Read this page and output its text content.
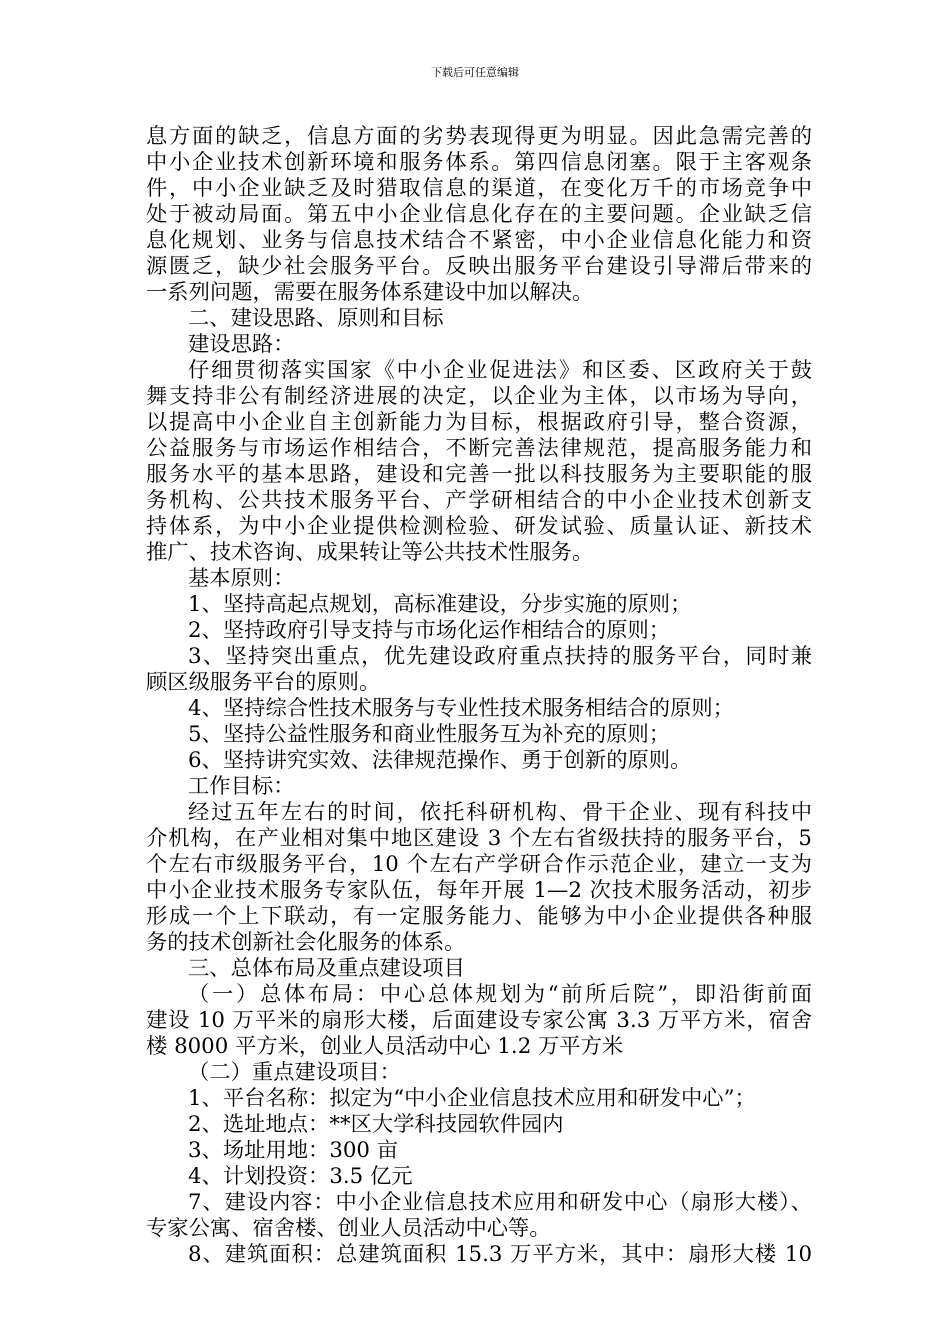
下载后可任意编辑
息方面的缺乏，信息方面的劣势表现得更为明显。因此急需完善的
中小企业技术创新环境和服务体系。第四信息闭塞。限于主客观条
件，中小企业缺乏及时猎取信息的渠道，在变化万千的市场竞争中
处于被动局面。第五中小企业信息化存在的主要问题。企业缺乏信
息化规划、业务与信息技术结合不紧密，中小企业信息化能力和资
源匮乏，缺少社会服务平台。反映出服务平台建设引导滞后带来的
一系列问题，需要在服务体系建设中加以解决。
二、建设思路、原则和目标
建设思路：
仔细贯彻落实国家《中小企业促进法》和区委、区政府关于鼓
舞支持非公有制经济进展的决定，以企业为主体，以市场为导向，
以提高中小企业自主创新能力为目标，根据政府引导，整合资源，
公益服务与市场运作相结合，不断完善法律规范，提高服务能力和
服务水平的基本思路，建设和完善一批以科技服务为主要职能的服
务机构、公共技术服务平台、产学研相结合的中小企业技术创新支
持体系，为中小企业提供检测检验、研发试验、质量认证、新技术
推广、技术咨询、成果转让等公共技术性服务。
基本原则：
1、坚持高起点规划，高标准建设，分步实施的原则；
2、坚持政府引导支持与市场化运作相结合的原则；
3、坚持突出重点，优先建设政府重点扶持的服务平台，同时兼
顾区级服务平台的原则。
4、坚持综合性技术服务与专业性技术服务相结合的原则；
5、坚持公益性服务和商业性服务互为补充的原则；
6、坚持讲究实效、法律规范操作、勇于创新的原则。
工作目标：
经过五年左右的时间，依托科研机构、骨干企业、现有科技中
介机构，在产业相对集中地区建设 3 个左右省级扶持的服务平台，5
个左右市级服务平台，10 个左右产学研合作示范企业，建立一支为
中小企业技术服务专家队伍，每年开展 1—2 次技术服务活动，初步
形成一个上下联动，有一定服务能力、能够为中小企业提供各种服
务的技术创新社会化服务的体系。
三、总体布局及重点建设项目
（一）总体布局：中心总体规划为“前所后院”，即沿街前面
建设 10 万平米的扇形大楼，后面建设专家公寓 3.3 万平方米，宿舍
楼 8000 平方米，创业人员活动中心 1.2 万平方米
（二）重点建设项目：
1、平台名称：拟定为“中小企业信息技术应用和研发中心”；
2、选址地点：**区大学科技园软件园内
3、场址用地：300 亩
4、计划投资：3.5 亿元
7、建设内容：中小企业信息技术应用和研发中心（扇形大楼）、
专家公寓、宿舍楼、创业人员活动中心等。
8、建筑面积：总建筑面积 15.3 万平方米，其中：扇形大楼 10
